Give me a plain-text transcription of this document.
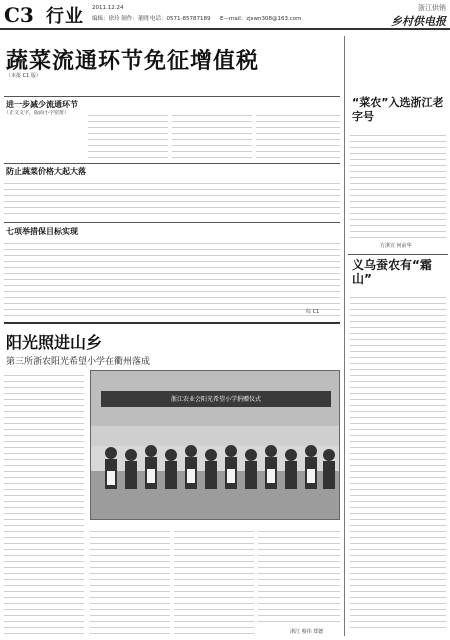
C3 行业 2011.12.24
编辑：徐玲 制作：董晓 电话：0571-85787189 E—mail：zjswn308@163.com
浙江供销
乡村供电报
蔬菜流通环节免征增值税
（本报 C1 版）
进一步减少流通环节
（正文文字，版面小字密排）
防止蔬菜价格大起大落
七项举措保目标实现
综 C1
“菜农”入选浙江老字号
方浙宣 何前华
义乌蚕农有“霜山”
阳光照进山乡
第三所浙农阳光希望小学在衢州落成
浙江农业会阳光希望小学捐赠仪式
浙江 蔡伟 郑德
